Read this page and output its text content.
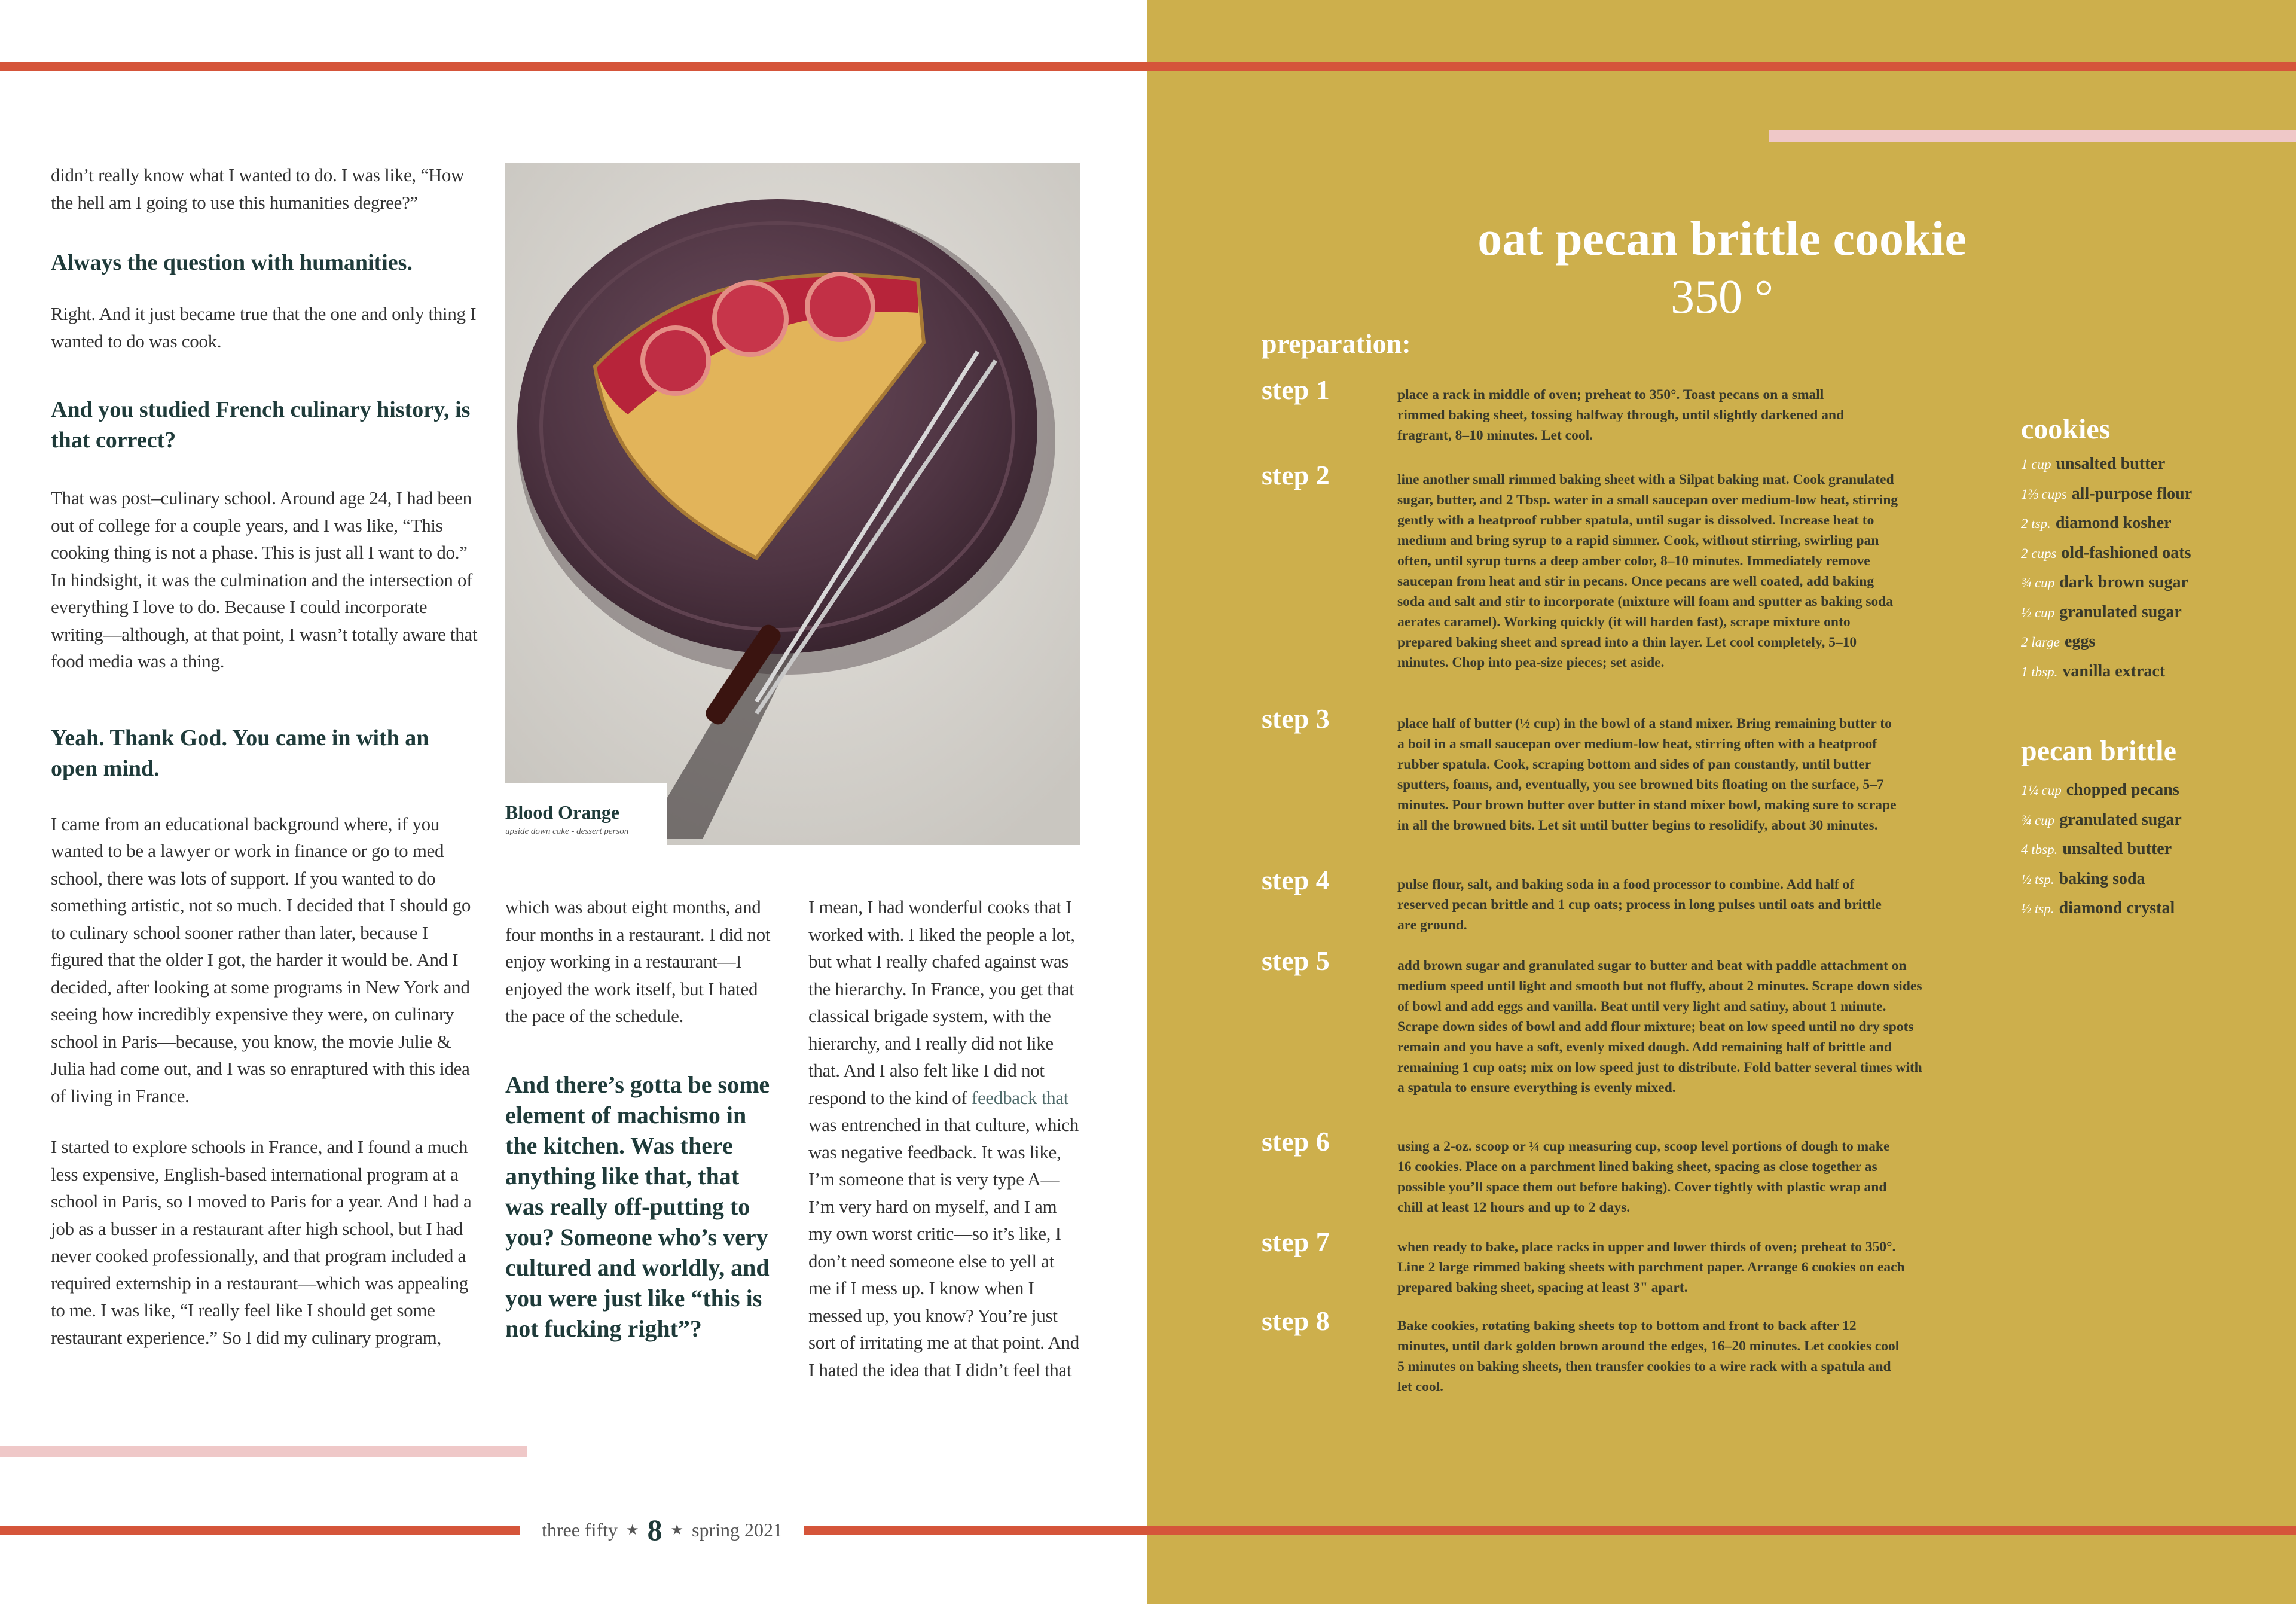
didn’t really know what I wanted to do. I was like, “How the hell am I going to use this humanities degree?”

Always the question with humanities.

Right. And it just became true that the one and only thing I wanted to do was cook.

And you studied French culinary history, is that correct?

That was post–culinary school. Around age 24, I had been out of college for a couple years, and I was like, “This cooking thing is not a phase. This is just all I want to do.” In hindsight, it was the culmination and the intersection of everything I love to do. Because I could incorporate writing—although, at that point, I wasn’t totally aware that food media was a thing.

Yeah. Thank God. You came in with an open mind.

I came from an educational background where, if you wanted to be a lawyer or work in finance or go to med school, there was lots of support. If you wanted to do something artistic, not so much. I decided that I should go to culinary school sooner rather than later, because I figured that the older I got, the harder it would be. And I decided, after looking at some programs in New York and seeing how incredibly expensive they were, on culinary school in Paris—because, you know, the movie Julie & Julia had come out, and I was so enraptured with this idea of living in France.

I started to explore schools in France, and I found a much less expensive, English-based international program at a school in Paris, so I moved to Paris for a year. And I had a job as a busser in a restaurant after high school, but I had never cooked professionally, and that program included a required externship in a restaurant—which was appealing to me. I was like, “I really feel like I should get some restaurant experience.” So I did my culinary program,

Blood Orange
upside down cake - dessert person

which was about eight months, and four months in a restaurant. I did not enjoy working in a restaurant—I enjoyed the work itself, but I hated the pace of the schedule.

And there’s gotta be some element of machismo in the kitchen. Was there anything like that, that was really off-putting to you? Someone who’s very cultured and worldly, and you were just like “this is not fucking right”?

I mean, I had wonderful cooks that I worked with. I liked the people a lot, but what I really chafed against was the hierarchy. In France, you get that classical brigade system, with the hierarchy, and I really did not like that. And I also felt like I did not respond to the kind of feedback that was entrenched in that culture, which was negative feedback. It was like, I’m someone that is very type A—I’m very hard on myself, and I am my own worst critic—so it’s like, I don’t need someone else to yell at me if I mess up. I know when I messed up, you know? You’re just sort of irritating me at that point. And I hated the idea that I didn’t feel that

three fifty ★ 8 ★ spring 2021
oat pecan brittle cookie
350 °
preparation:
step 1	place a rack in middle of oven; preheat to 350°. Toast pecans on a small rimmed baking sheet, tossing halfway through, until slightly darkened and fragrant, 8–10 minutes. Let cool.

step 2	line another small rimmed baking sheet with a Silpat baking mat. Cook granulated sugar, butter, and 2 Tbsp. water in a small saucepan over medium-low heat, stirring gently with a heatproof rubber spatula, until sugar is dissolved. Increase heat to medium and bring syrup to a rapid simmer. Cook, without stirring, swirling pan often, until syrup turns a deep amber color, 8–10 minutes. Immediately remove saucepan from heat and stir in pecans. Once pecans are well coated, add baking soda and salt and stir to incorporate (mixture will foam and sputter as baking soda aerates caramel). Working quickly (it will harden fast), scrape mixture onto prepared baking sheet and spread into a thin layer. Let cool completely, 5–10 minutes. Chop into pea-size pieces; set aside.

step 3	place half of butter (½ cup) in the bowl of a stand mixer. Bring remaining butter to a boil in a small saucepan over medium-low heat, stirring often with a heatproof rubber spatula. Cook, scraping bottom and sides of pan constantly, until butter sputters, foams, and, eventually, you see browned bits floating on the surface, 5–7 minutes. Pour brown butter over butter in stand mixer bowl, making sure to scrape in all the browned bits. Let sit until butter begins to resolidify, about 30 minutes.

step 4	pulse flour, salt, and baking soda in a food processor to combine. Add half of reserved pecan brittle and 1 cup oats; process in long pulses until oats and brittle are ground.

step 5	add brown sugar and granulated sugar to butter and beat with paddle attachment on medium speed until light and smooth but not fluffy, about 2 minutes. Scrape down sides of bowl and add eggs and vanilla. Beat until very light and satiny, about 1 minute. Scrape down sides of bowl and add flour mixture; beat on low speed until no dry spots remain and you have a soft, evenly mixed dough. Add remaining half of brittle and remaining 1 cup oats; mix on low speed just to distribute. Fold batter several times with a spatula to ensure everything is evenly mixed.

step 6	using a 2-oz. scoop or ¼ cup measuring cup, scoop level portions of dough to make 16 cookies. Place on a parchment lined baking sheet, spacing as close together as possible you’ll space them out before baking). Cover tightly with plastic wrap and chill at least 12 hours and up to 2 days.

step 7	when ready to bake, place racks in upper and lower thirds of oven; preheat to 350°. Line 2 large rimmed baking sheets with parchment paper. Arrange 6 cookies on each prepared baking sheet, spacing at least 3" apart.

step 8	Bake cookies, rotating baking sheets top to bottom and front to back after 12 minutes, until dark golden brown around the edges, 16–20 minutes. Let cookies cool 5 minutes on baking sheets, then transfer cookies to a wire rack with a spatula and let cool.

cookies
1 cup unsalted butter
1⅔ cups all-purpose flour
2 tsp. diamond kosher
2 cups old-fashioned oats
¾ cup dark brown sugar
½ cup granulated sugar
2 large eggs
1 tbsp. vanilla extract
pecan brittle
1¼ cup chopped pecans
¾ cup granulated sugar
4 tbsp. unsalted butter
½ tsp. baking soda
½ tsp. diamond crystal
